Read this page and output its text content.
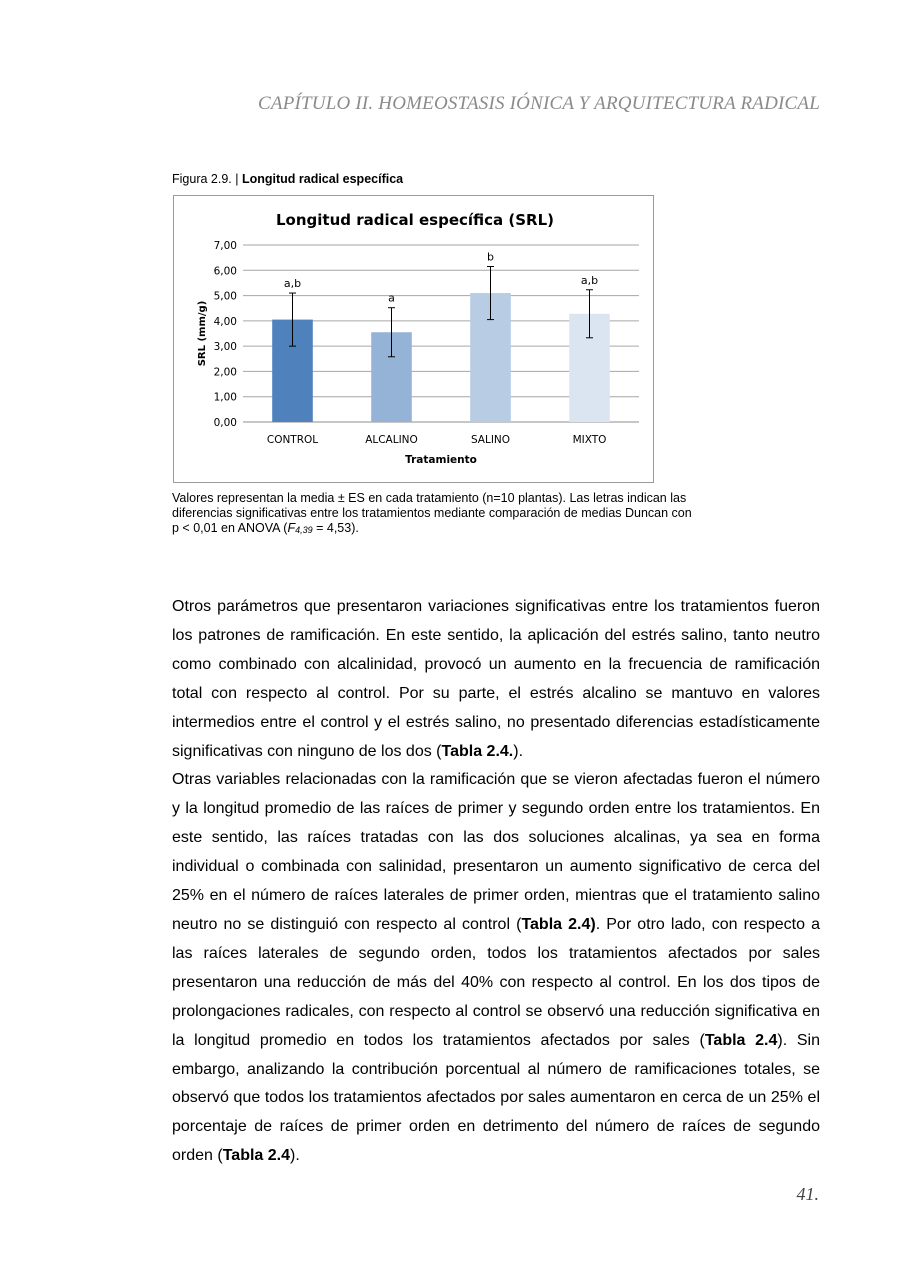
CAPÍTULO II. HOMEOSTASIS IÓNICA Y ARQUITECTURA RADICAL
Figura 2.9. | Longitud radical específica
Longitud radical específica (SRL)
0,00
1,00
2,00
3,00
4,00
5,00
6,00
7,00
SRL (mm/g)
a,b
CONTROL
a
ALCALINO
b
SALINO
a,b
MIXTO
Tratamiento
Valores representan la media ± ES en cada tratamiento (n=10 plantas). Las letras indican las diferencias significativas entre los tratamientos mediante comparación de medias Duncan con p < 0,01 en ANOVA $(F_{4,39} = 4,53)$.

Otros parámetros que presentaron variaciones significativas entre los tratamientos fueron los patrones de ramificación. En este sentido, la aplicación del estrés salino, tanto neutro como combinado con alcalinidad, provocó un aumento en la frecuencia de ramificación total con respecto al control. Por su parte, el estrés alcalino se mantuvo en valores intermedios entre el control y el estrés salino, no presentado diferencias estadísticamente significativas con ninguno de los dos (Tabla 2.4.).

Otras variables relacionadas con la ramificación que se vieron afectadas fueron el número y la longitud promedio de las raíces de primer y segundo orden entre los tratamientos. En este sentido, las raíces tratadas con las dos soluciones alcalinas, ya sea en forma individual o combinada con salinidad, presentaron un aumento significativo de cerca del 25% en el número de raíces laterales de primer orden, mientras que el tratamiento salino neutro no se distinguió con respecto al control (Tabla 2.4). Por otro lado, con respecto a las raíces laterales de segundo orden, todos los tratamientos afectados por sales presentaron una reducción de más del 40% con respecto al control. En los dos tipos de prolongaciones radicales, con respecto al control se observó una reducción significativa en la longitud promedio en todos los tratamientos afectados por sales (Tabla 2.4). Sin embargo, analizando la contribución porcentual al número de ramificaciones totales, se observó que todos los tratamientos afectados por sales aumentaron en cerca de un 25% el porcentaje de raíces de primer orden en detrimento del número de raíces de segundo orden (Tabla 2.4).

41.
